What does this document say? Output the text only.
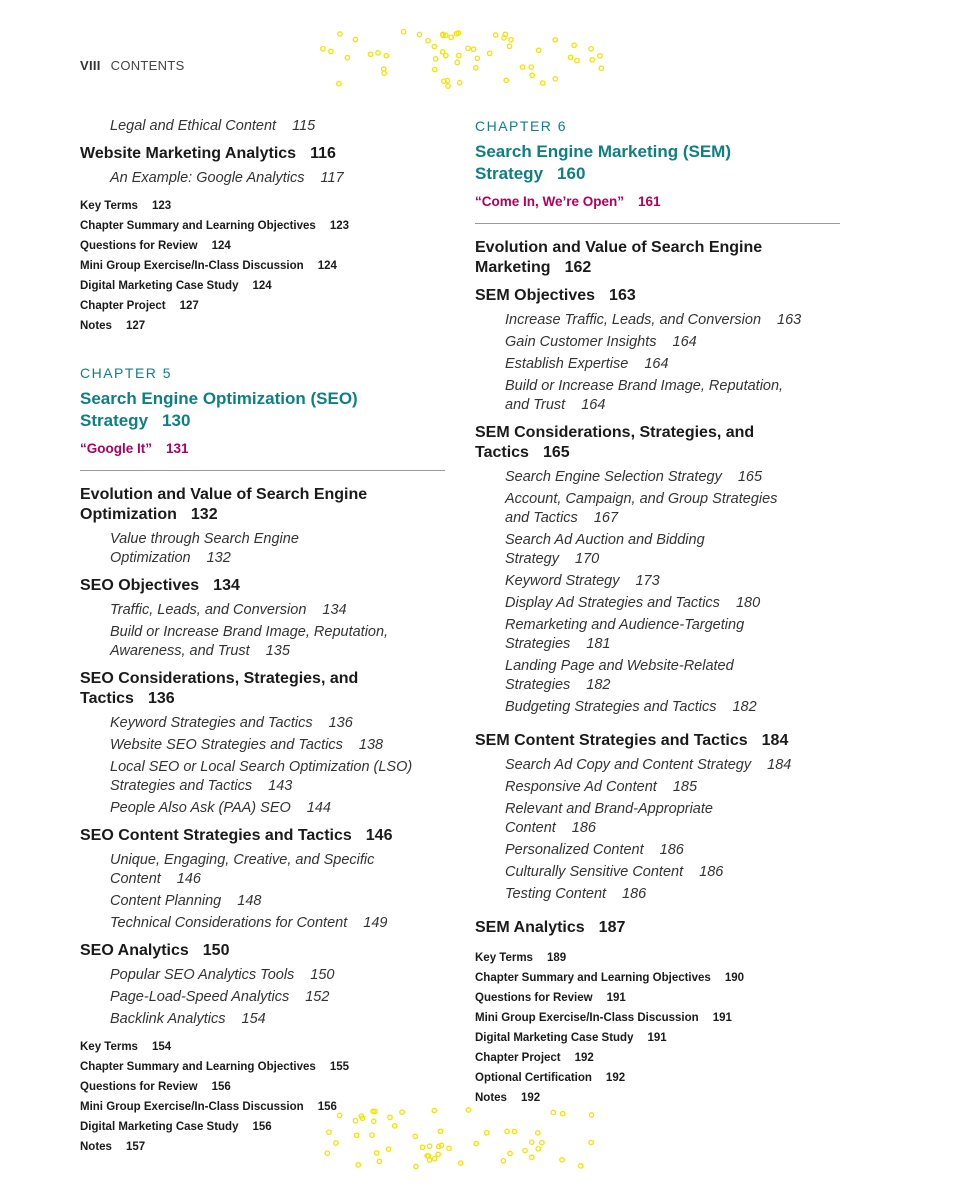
VIII CONTENTS
Legal and Ethical Content 115
Website Marketing Analytics 116
An Example: Google Analytics 117
Key Terms 123
Chapter Summary and Learning Objectives 123
Questions for Review 124
Mini Group Exercise/In-Class Discussion 124
Digital Marketing Case Study 124
Chapter Project 127
Notes 127
CHAPTER 5
Search Engine Optimization (SEO)
Strategy 130
“Google It” 131
Evolution and Value of Search Engine
Optimization 132
Value through Search Engine Optimization 132
SEO Objectives 134
Traffic, Leads, and Conversion 134
Build or Increase Brand Image, Reputation,
Awareness, and Trust 135
SEO Considerations, Strategies, and Tactics 136
Keyword Strategies and Tactics 136
Website SEO Strategies and Tactics 138
Local SEO or Local Search Optimization (LSO)
Strategies and Tactics 143
People Also Ask (PAA) SEO 144
SEO Content Strategies and Tactics 146
Unique, Engaging, Creative, and Specific
Content 146
Content Planning 148
Technical Considerations for Content 149
SEO Analytics 150
Popular SEO Analytics Tools 150
Page-Load-Speed Analytics 152
Backlink Analytics 154
Key Terms 154
Chapter Summary and Learning Objectives 155
Questions for Review 156
Mini Group Exercise/In-Class Discussion 156
Digital Marketing Case Study 156
Notes 157
CHAPTER 6
Search Engine Marketing (SEM)
Strategy 160
“Come In, We’re Open” 161
Evolution and Value of Search Engine
Marketing 162
SEM Objectives 163
Increase Traffic, Leads, and Conversion 163
Gain Customer Insights 164
Establish Expertise 164
Build or Increase Brand Image, Reputation,
and Trust 164
SEM Considerations, Strategies, and
Tactics 165
Search Engine Selection Strategy 165
Account, Campaign, and Group Strategies
and Tactics 167
Search Ad Auction and Bidding
Strategy 170
Keyword Strategy 173
Display Ad Strategies and Tactics 180
Remarketing and Audience-Targeting
Strategies 181
Landing Page and Website-Related
Strategies 182
Budgeting Strategies and Tactics 182
SEM Content Strategies and Tactics 184
Search Ad Copy and Content Strategy 184
Responsive Ad Content 185
Relevant and Brand-Appropriate
Content 186
Personalized Content 186
Culturally Sensitive Content 186
Testing Content 186
SEM Analytics 187
Key Terms 189
Chapter Summary and Learning Objectives 190
Questions for Review 191
Mini Group Exercise/In-Class Discussion 191
Digital Marketing Case Study 191
Chapter Project 192
Optional Certification 192
Notes 192
